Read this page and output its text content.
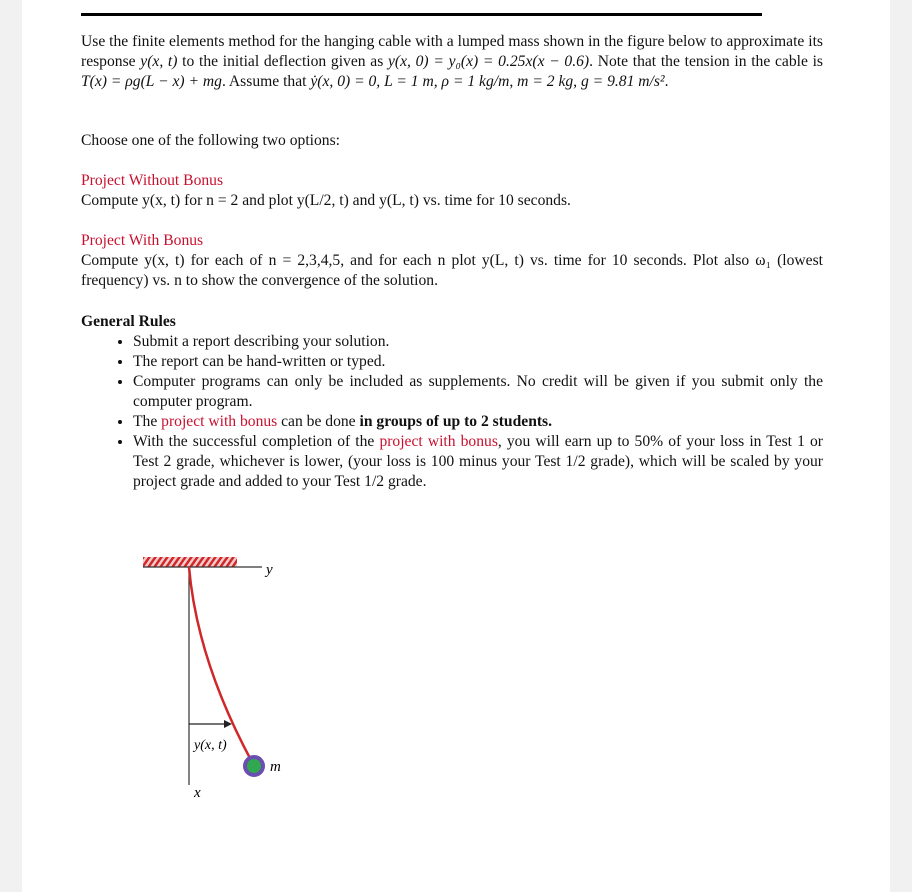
Use the finite elements method for the hanging cable with a lumped mass shown in the figure below to approximate its response y(x, t) to the initial deflection given as y(x, 0) = y₀(x) = 0.25x(x − 0.6). Note that the tension in the cable is T(x) = ρg(L − x) + mg. Assume that ẏ(x, 0) = 0, L = 1 m, ρ = 1 kg/m, m = 2 kg, g = 9.81 m/s².
Choose one of the following two options:
Project Without Bonus
Compute y(x, t) for n = 2 and plot y(L/2, t) and y(L, t) vs. time for 10 seconds.
Project With Bonus
Compute y(x, t) for each of n = 2,3,4,5, and for each n plot y(L, t) vs. time for 10 seconds. Plot also ω₁ (lowest frequency) vs. n to show the convergence of the solution.
General Rules
• Submit a report describing your solution.
• The report can be hand-written or typed.
• Computer programs can only be included as supplements. No credit will be given if you submit only the computer program.
• The project with bonus can be done in groups of up to 2 students.
• With the successful completion of the project with bonus, you will earn up to 50% of your loss in Test 1 or Test 2 grade, whichever is lower, (your loss is 100 minus your Test 1/2 grade), which will be scaled by your project grade and added to your Test 1/2 grade.
y
x
y(x, t)
m
